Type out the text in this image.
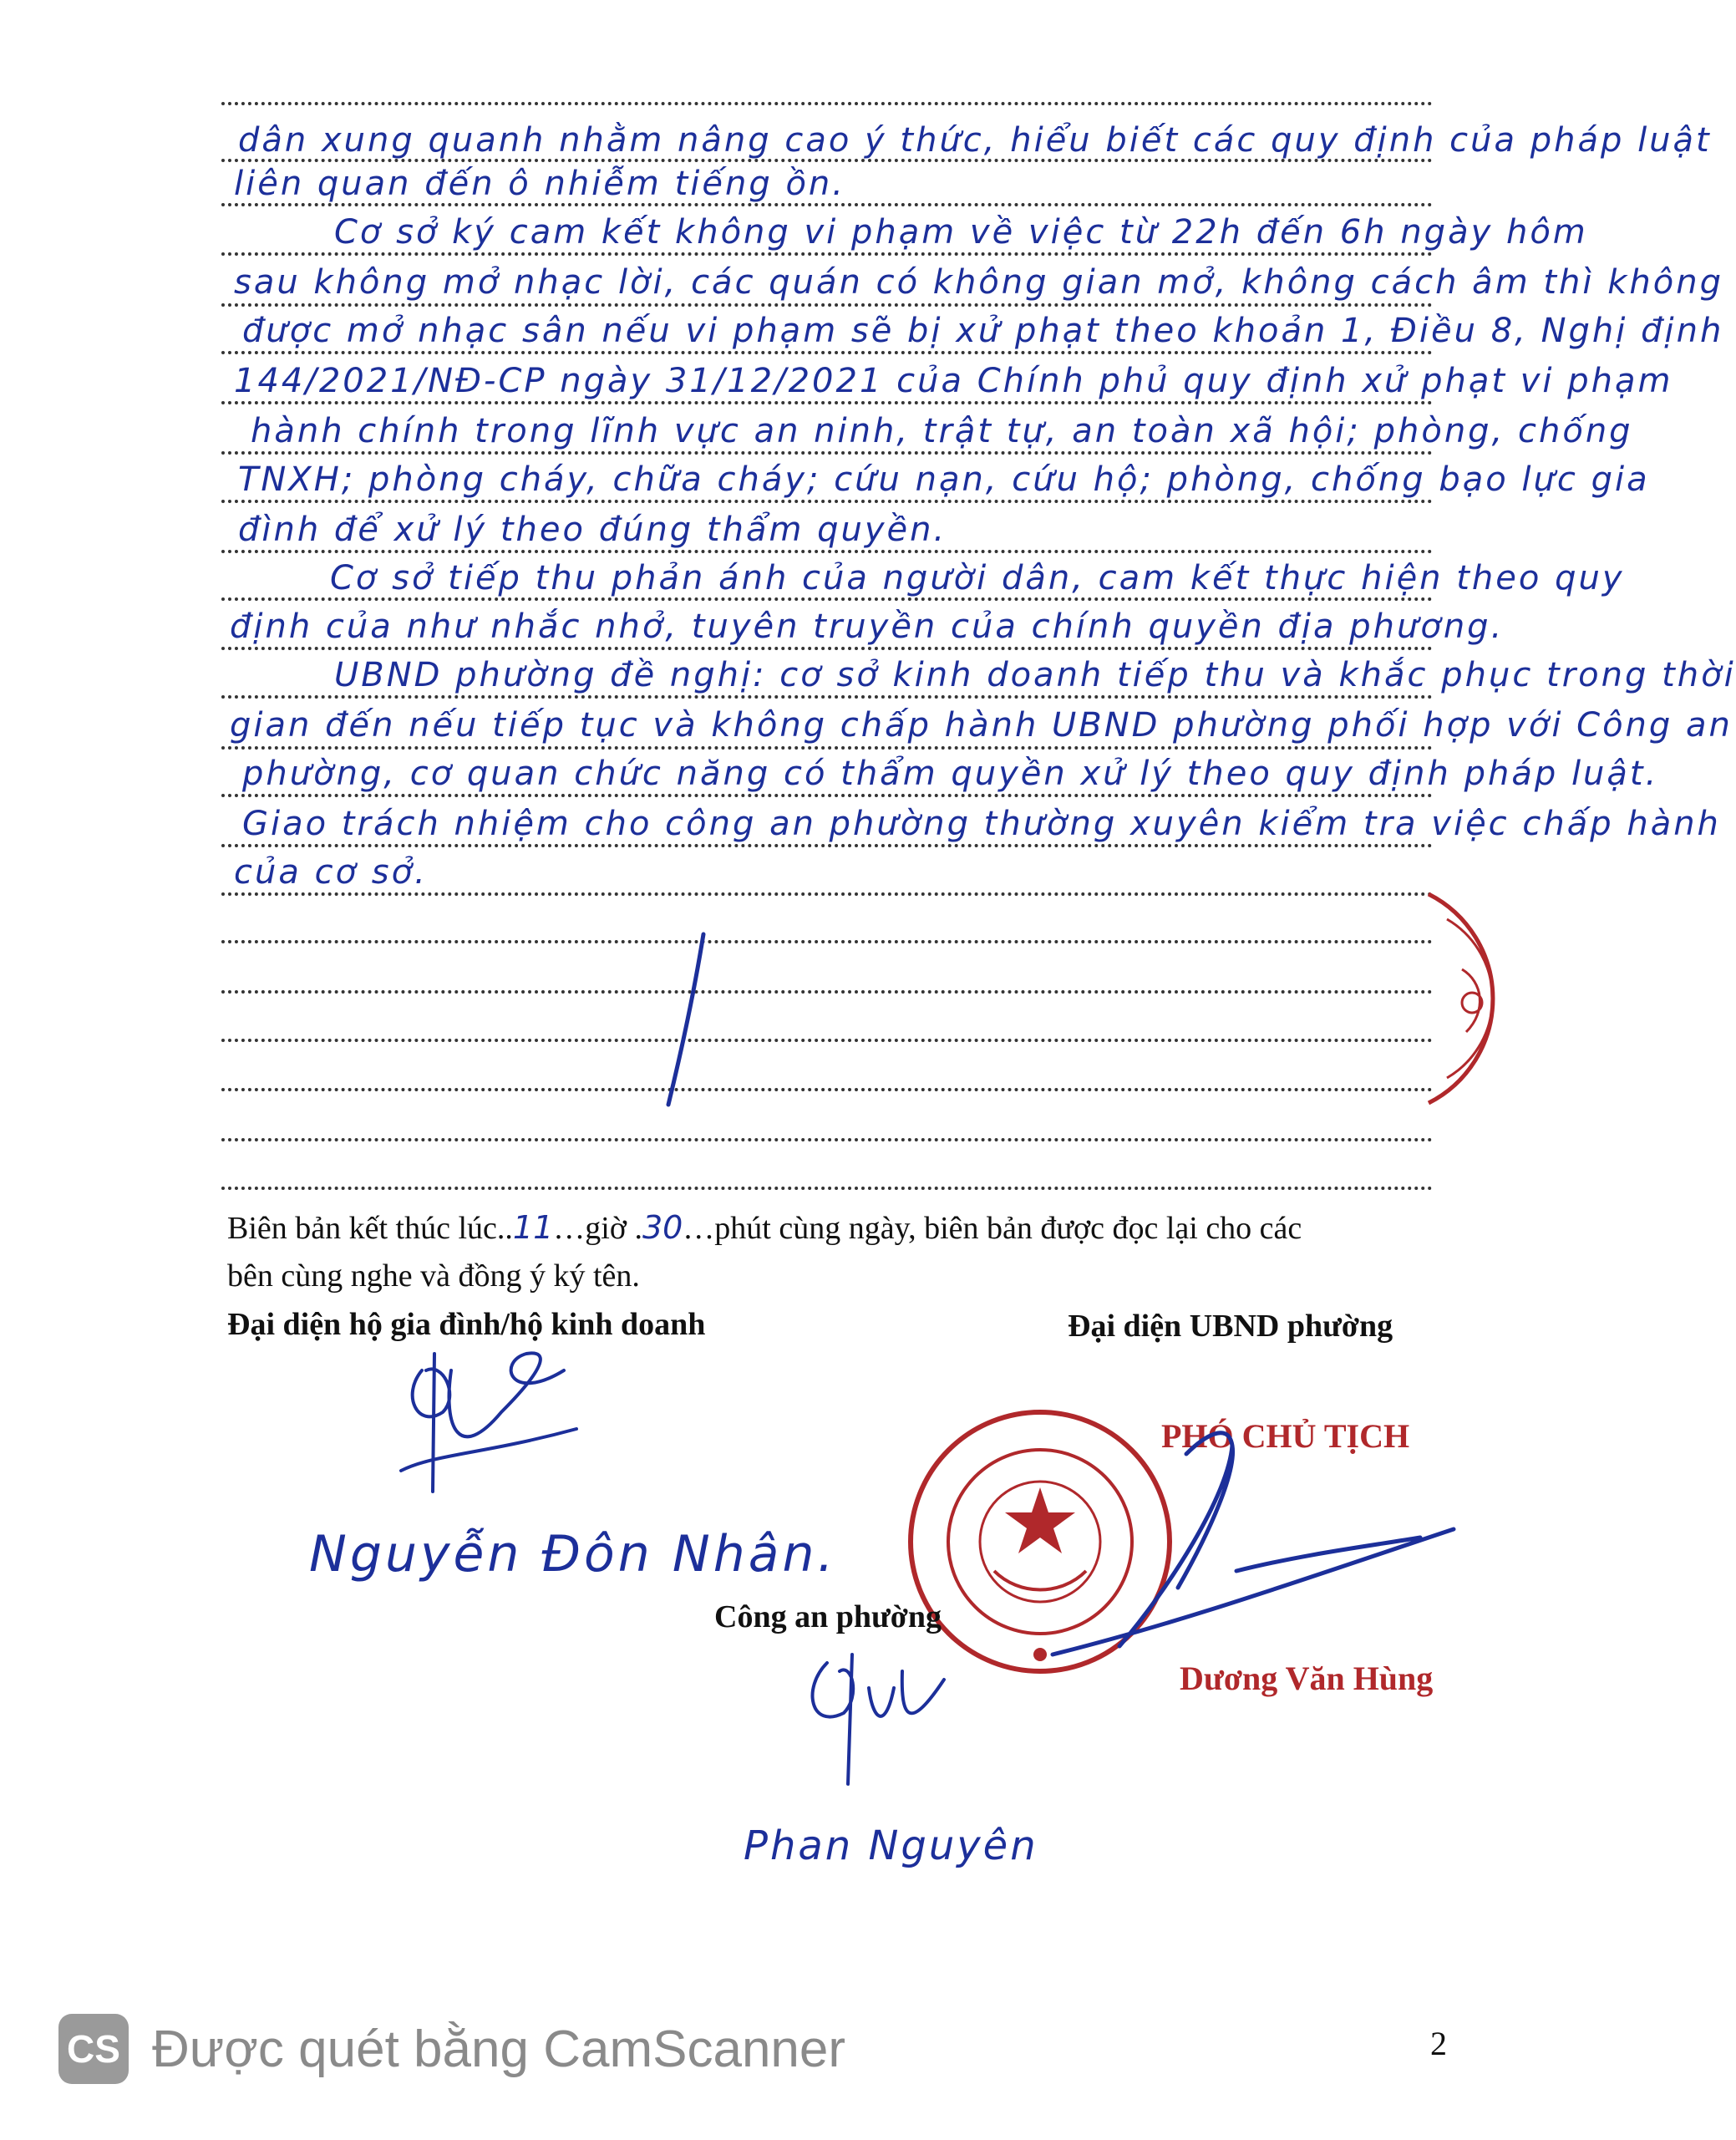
dân xung quanh nhằm nâng cao ý thức, hiểu biết các quy định của pháp luật
liên quan đến ô nhiễm tiếng ồn.
Cơ sở ký cam kết không vi phạm về việc từ 22h đến 6h ngày hôm
sau không mở nhạc lời, các quán có không gian mở, không cách âm thì không
được mở nhạc sân nếu vi phạm sẽ bị xử phạt theo khoản 1, Điều 8, Nghị định
144/2021/NĐ-CP ngày 31/12/2021 của Chính phủ quy định xử phạt vi phạm
hành chính trong lĩnh vực an ninh, trật tự, an toàn xã hội; phòng, chống
TNXH; phòng cháy, chữa cháy; cứu nạn, cứu hộ; phòng, chống bạo lực gia
đình để xử lý theo đúng thẩm quyền.
Cơ sở tiếp thu phản ánh của người dân, cam kết thực hiện theo quy
định của như nhắc nhở, tuyên truyền của chính quyền địa phương.
UBND phường đề nghị: cơ sở kinh doanh tiếp thu và khắc phục trong thời
gian đến nếu tiếp tục và không chấp hành UBND phường phối hợp với Công an
phường, cơ quan chức năng có thẩm quyền xử lý theo quy định pháp luật.
Giao trách nhiệm cho công an phường thường xuyên kiểm tra việc chấp hành
của cơ sở.
Biên bản kết thúc lúc..11…giờ .30…phút cùng ngày, biên bản được đọc lại cho các
bên cùng nghe và đồng ý ký tên.
Đại diện hộ gia đình/hộ kinh doanh	Đại diện UBND phường
Nguyễn Đôn Nhân.
PHÓ CHỦ TỊCH
Dương Văn Hùng
Công an phường
Phan Nguyên
CS Được quét bằng CamScanner	2
